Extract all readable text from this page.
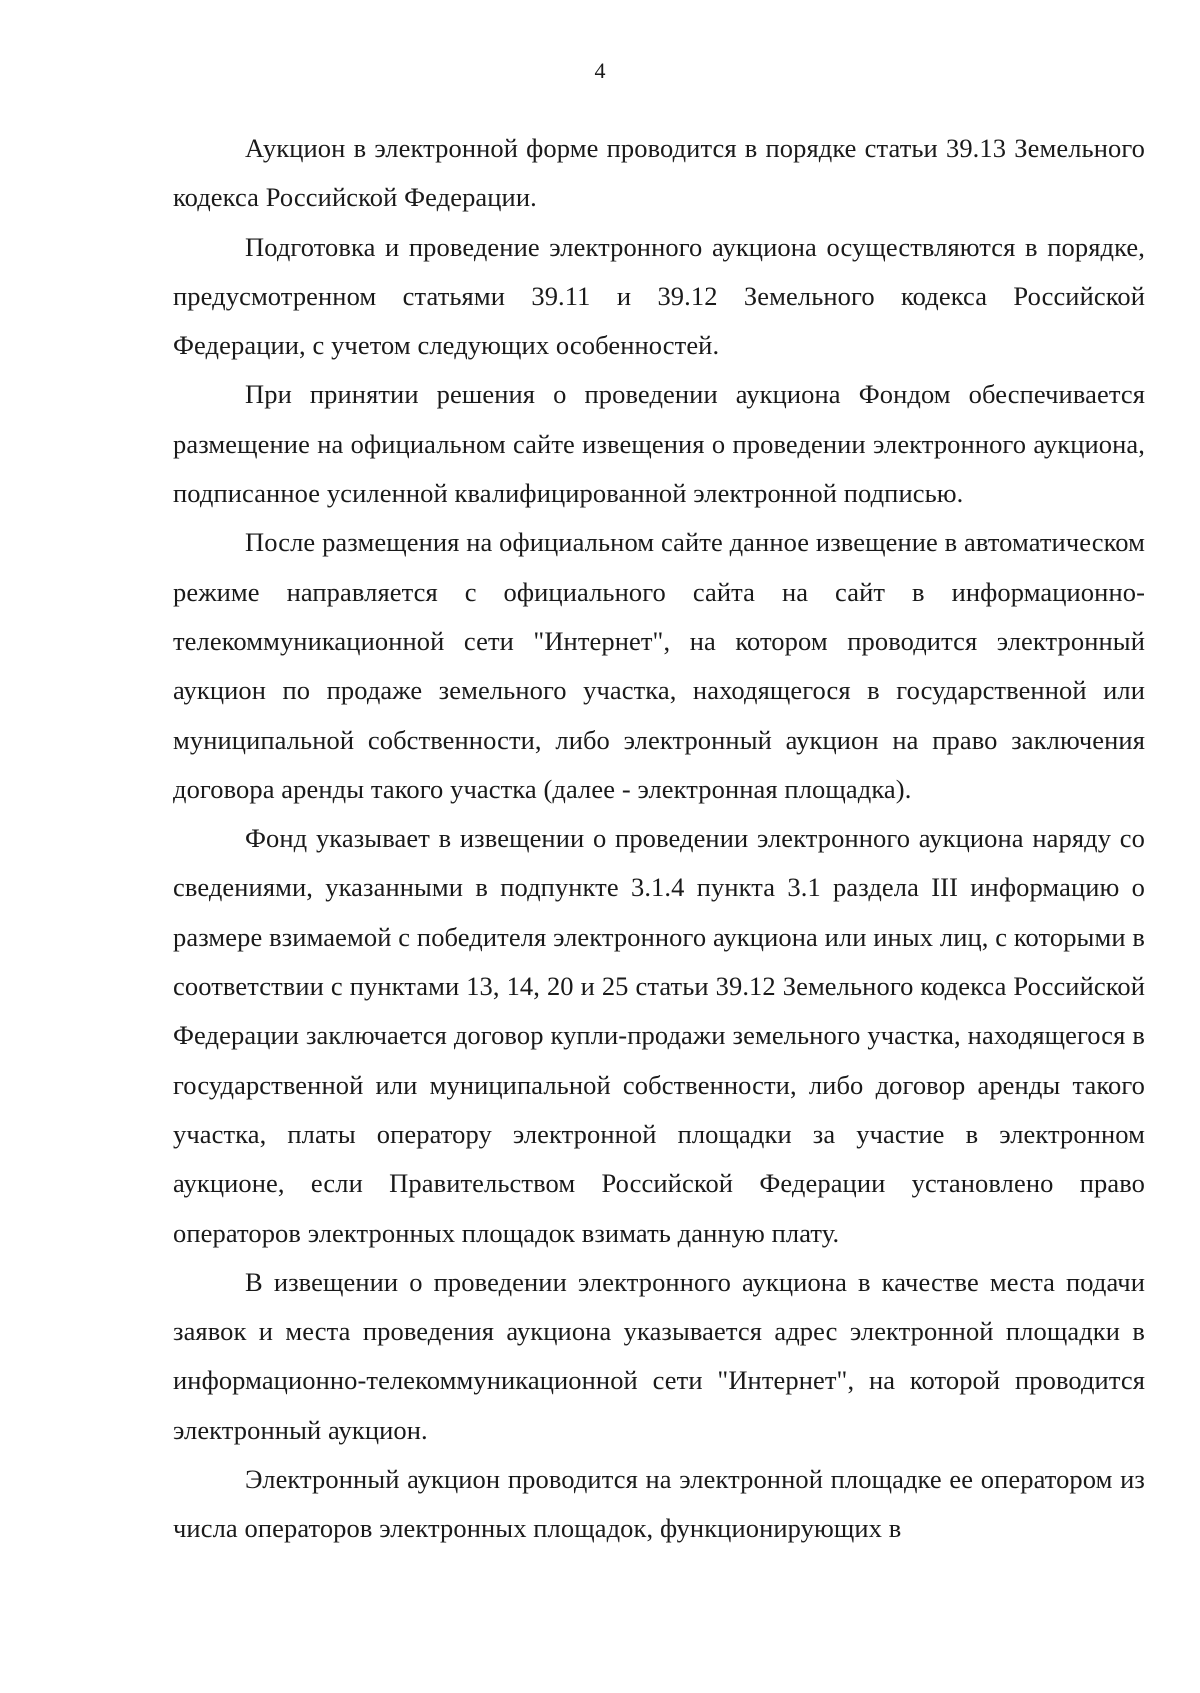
4

Аукцион в электронной форме проводится в порядке статьи 39.13 Земельного кодекса Российской Федерации.

Подготовка и проведение электронного аукциона осуществляются в порядке, предусмотренном статьями 39.11 и 39.12 Земельного кодекса Российской Федерации, с учетом следующих особенностей.

При принятии решения о проведении аукциона Фондом обеспечивается размещение на официальном сайте извещения о проведении электронного аукциона, подписанное усиленной квалифицированной электронной подписью.

После размещения на официальном сайте данное извещение в автоматическом режиме направляется с официального сайта на сайт в информационно-телекоммуникационной сети "Интернет", на котором проводится электронный аукцион по продаже земельного участка, находящегося в государственной или муниципальной собственности, либо электронный аукцион на право заключения договора аренды такого участка (далее - электронная площадка).

Фонд указывает в извещении о проведении электронного аукциона наряду со сведениями, указанными в подпункте 3.1.4 пункта 3.1 раздела III информацию о размере взимаемой с победителя электронного аукциона или иных лиц, с которыми в соответствии с пунктами 13, 14, 20 и 25 статьи 39.12 Земельного кодекса Российской Федерации заключается договор купли-продажи земельного участка, находящегося в государственной или муниципальной собственности, либо договор аренды такого участка, платы оператору электронной площадки за участие в электронном аукционе, если Правительством Российской Федерации установлено право операторов электронных площадок взимать данную плату.

В извещении о проведении электронного аукциона в качестве места подачи заявок и места проведения аукциона указывается адрес электронной площадки в информационно-телекоммуникационной сети "Интернет", на которой проводится электронный аукцион.

Электронный аукцион проводится на электронной площадке ее оператором из числа операторов электронных площадок, функционирующих в
